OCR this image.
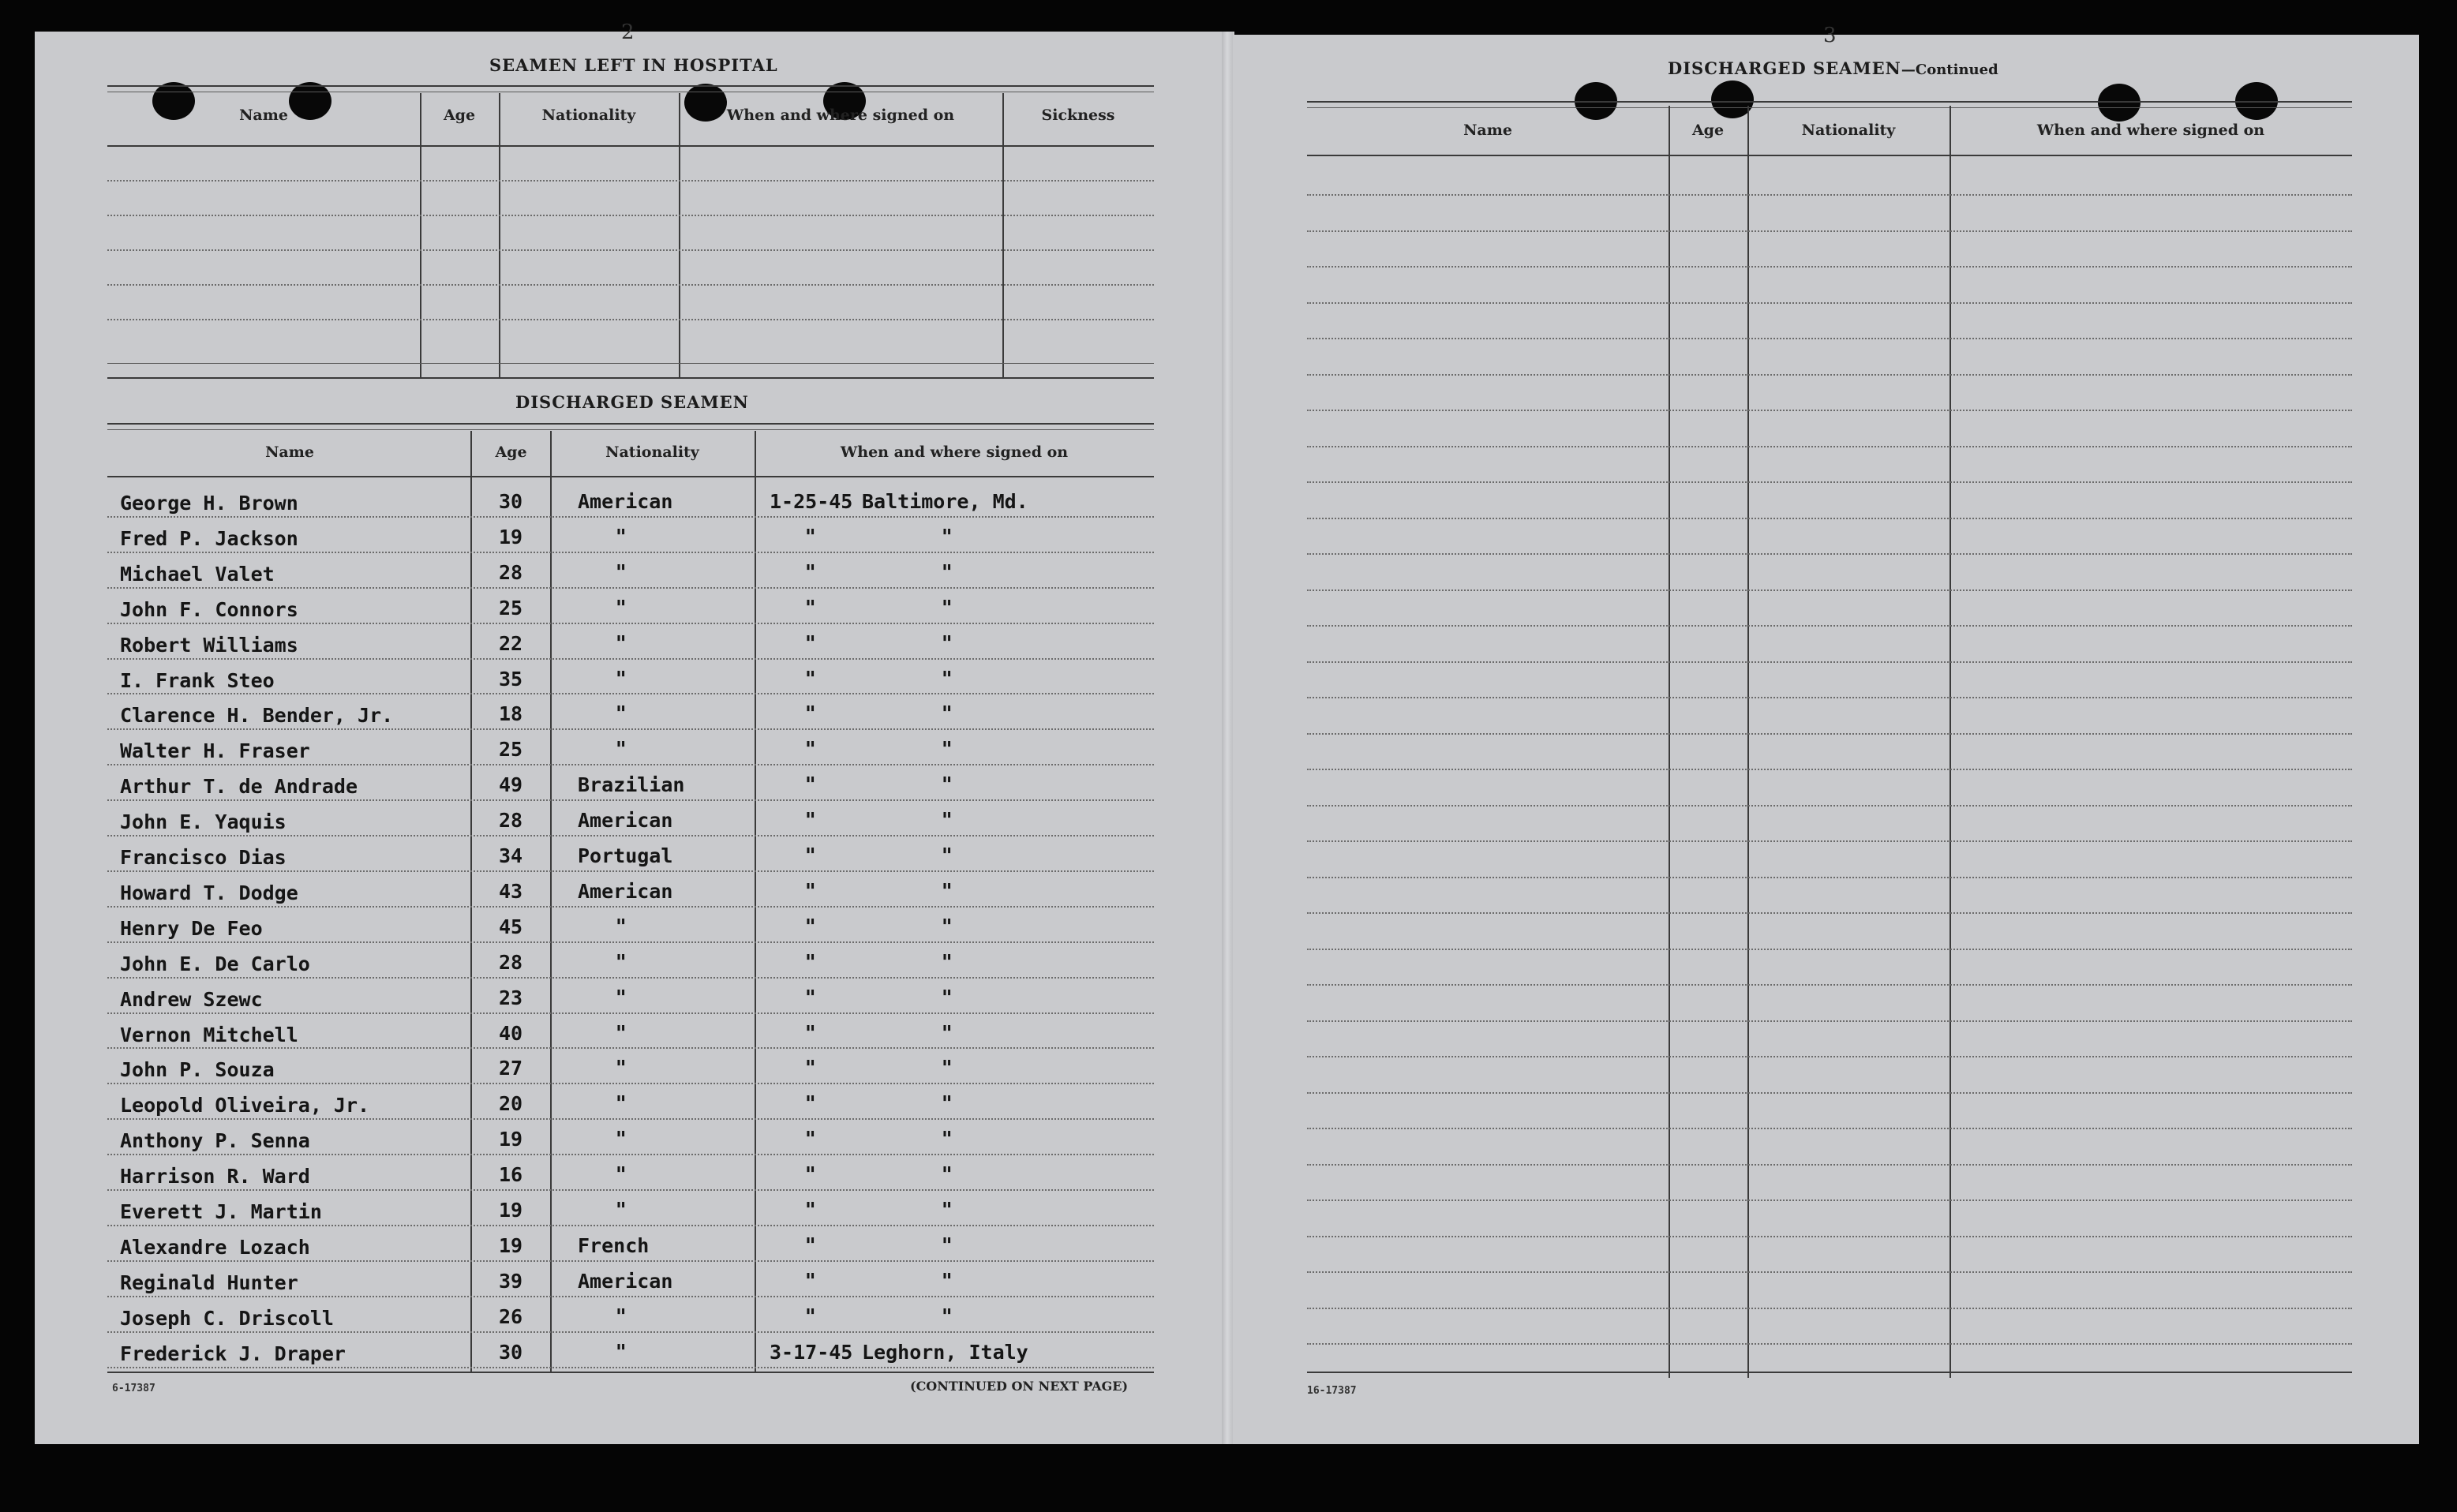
2
SEAMEN LEFT IN HOSPITAL
Name	Age	Nationality	When and where signed on	Sickness
DISCHARGED SEAMEN
Name	Age	Nationality	When and where signed on
George H. Brown	30	American	1-25-45 Baltimore, Md.
Fred P. Jackson	19	"	"	"
Michael Valet	28	"	"	"
John F. Connors	25	"	"	"
Robert Williams	22	"	"	"
I. Frank Steo	35	"	"	"
Clarence H. Bender, Jr.	18	"	"	"
Walter H. Fraser	25	"	"	"
Arthur T. de Andrade	49	Brazilian	"	"
John E. Yaquis	28	American	"	"
Francisco Dias	34	Portugal	"	"
Howard T. Dodge	43	American	"	"
Henry De Feo	45	"	"	"
John E. De Carlo	28	"	"	"
Andrew Szewc	23	"	"	"
Vernon Mitchell	40	"	"	"
John P. Souza	27	"	"	"
Leopold Oliveira, Jr.	20	"	"	"
Anthony P. Senna	19	"	"	"
Harrison R. Ward	16	"	"	"
Everett J. Martin	19	"	"	"
Alexandre Lozach	19	French	"	"
Reginald Hunter	39	American	"	"
Joseph C. Driscoll	26	"	"	"
Frederick J. Draper	30	"	3-17-45 Leghorn, Italy
6-17387	(CONTINUED ON NEXT PAGE)
3
DISCHARGED SEAMEN—Continued
Name	Age	Nationality	When and where signed on
16-17387
